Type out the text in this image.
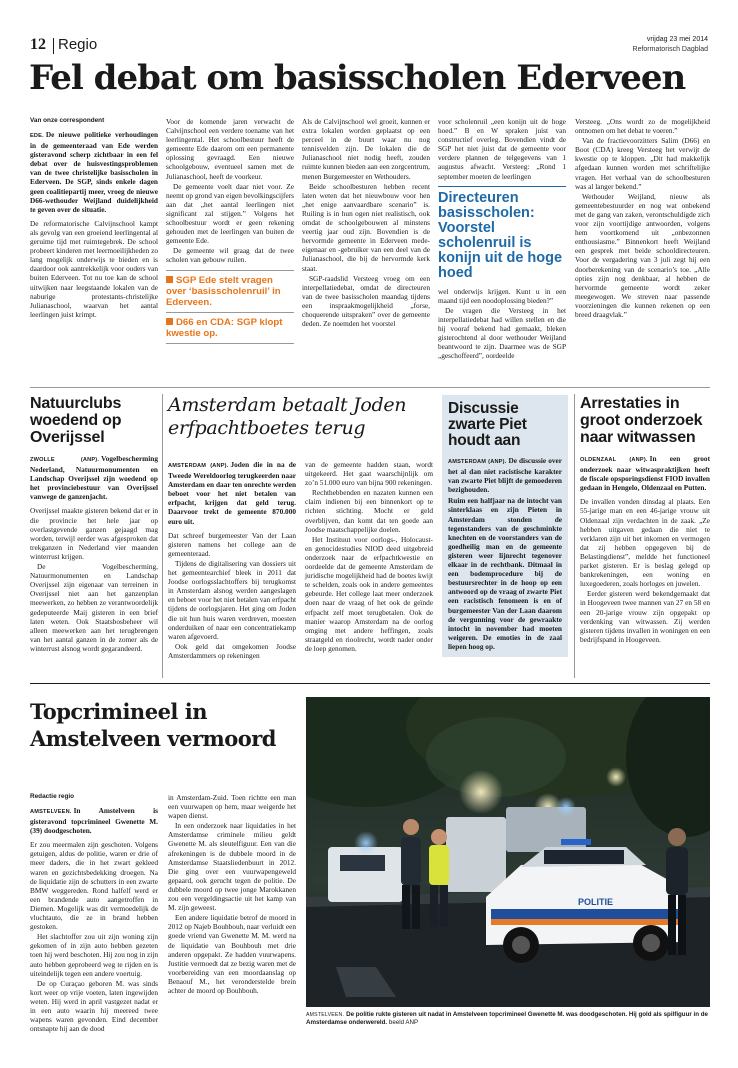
12 Regio	vrijdag 23 mei 2014
Reformatorisch Dagblad
Fel debat om basisscholen Ederveen
Van onze correspondent

EDE. De nieuwe politieke verhoudingen in de gemeenteraad van Ede werden gisteravond scherp zichtbaar in een fel debat over de huisvestingsproblemen van de twee christelijke basisscholen in Ederveen. De SGP, sinds enkele dagen geen coalitiepartij meer, vroeg de nieuwe D66-wethouder Weijland duidelijkheid te geven over de situatie.

De reformatorische Calvijnschool kampt als gevolg van een groeiend leerlingental al geruime tijd met ruimtegebrek. De school probeert kinderen met leermoeilijkheden zo lang mogelijk onderwijs te bieden en is daardoor ook aantrekkelijk voor ouders van buiten Ederveen. Tot nu toe kan de school uitwijken naar leegstaande lokalen van de naburige protestants-christelijke Julianaschool, waarvan het aantal leerlingen juist krimpt.

Voor de komende jaren verwacht de Calvijnschool een verdere toename van het leerlingental. Het schoolbestuur heeft de gemeente Ede daarom om een permanente oplossing gevraagd. Een nieuwe schoolgebouw, eventueel samen met de Julianaschool, heeft de voorkeur.

De gemeente voelt daar niet voor. Ze neemt op grond van eigen bevolkingscijfers aan dat „het aantal leerlingen niet significant zal stijgen.” Volgens het schoolbestuur wordt er geen rekening gehouden met de leerlingen van buiten de gemeente Ede.

De gemeente wil graag dat de twee scholen van gebouw ruilen.

SGP Ede stelt vragen over ‘basisscholenruil’ in Ederveen.
D66 en CDA: SGP klopt kwestie op.

Als de Calvijnschool wel groeit, kunnen er extra lokalen worden geplaatst op een perceel in de buurt waar nu nog tennisvelden zijn. De lokalen die de Julianaschool niet nodig heeft, zouden ruimte kunnen bieden aan een zorgcentrum, menen Burgemeester en Wethouders.

Beide schoolbesturen hebben recent laten weten dat het nieuwbouw voor hen „het enige aanvaardbare scenario” is. Ruiling is in hun ogen niet realistisch, ook omdat de schoolgebouwen al minstens veertig jaar oud zijn. Bovendien is de hervormde gemeente in Ederveen mede-eigenaar en -gebruiker van een deel van de Julianaschool, die bij de hervormde kerk staat.

SGP-raadslid Versteeg vroeg om een interpellatiedebat, omdat de directeuren van de twee basisscholen maandag tijdens een inspraakmogelijkheid „forse, choquerende uitspraken” over de gemeente deden. Ze noemden het voorstel

voor scholenruil „een konijn uit de hoge hoed.” B en W spraken juist van constructief overleg. Bovendien vindt de SGP het niet juist dat de gemeente voor verdere plannen de telgegevens van 1 augustus afwacht. Versteeg: „Rond 1 september moeten de leerlingen

Directeuren basisscholen: Voorstel scholenruil is konijn uit de hoge hoed

wel onderwijs krijgen. Kunt u in een maand tijd een noodoplossing bieden?”

De vragen die Versteeg in het interpellatiedebat had willen stellen en die hij vooraf bekend had gemaakt, bleken gisterochtend al door wethouder Weijland beantwoord te zijn. Daarmee was de SGP „geschoffeerd”, oordeelde

Versteeg. „Ons wordt zo de mogelijkheid ontnomen om het debat te voeren.”

Van de fractievoorzitters Salim (D66) en Boot (CDA) kreeg Versteeg het verwijt de kwestie op te kloppen. „Dit had makkelijk afgedaan kunnen worden met schriftelijke vragen. Het verhaal van de schoolbesturen was al langer bekend.”

Wethouder Weijland, nieuw als gemeentebestuurder en nog wat onbekend met de gang van zaken, verontschuldigde zich voor zijn voortijdige antwoorden, volgens hem voortkomend uit „onbezonnen enthousiasme.” Binnenkort heeft Weijland een gesprek met beide schooldirecteuren. Voor de vergadering van 3 juli zegt hij een doorberekening van de scenario’s toe. „Alle opties zijn nog denkbaar, al hebben de hervormde gemeente wordt zeker meegewogen. We streven naar passende voorzieningen die kunnen rekenen op een breed draagvlak.”

Natuurclubs woedend op Overijssel

ZWOLLE (ANP). Vogelbescherming Nederland, Natuurmonumenten en Landschap Overijssel zijn woedend op het provinciebestuur van Overijssel vanwege de ganzenjacht.

Overijssel maakte gisteren bekend dat er in die provincie het hele jaar op overlastgevende ganzen gejaagd mag worden, terwijl eerder was afgesproken dat trekganzen in Nederland vier maanden winterrust krijgen.

De Vogelbescherming, Natuurmonumenten en Landschap Overijssel zijn eigenaar van terreinen in Overijssel niet aan het ganzenplan meewerken, zo hebben ze verantwoordelijk gedeputeerde Maij gisteren in een brief laten weten. Ook Staatsbosbeheer wil alleen meewerken aan het terugbrengen van het aantal ganzen in de zomer als de winterrust alsnog wordt gegarandeerd.

Amsterdam betaalt Joden erfpachtboetes terug

AMSTERDAM (ANP). Joden die in na de Tweede Wereldoorlog terugkeerden naar Amsterdam en daar ten onrechte werden beboet voor het niet betalen van erfpacht, krijgen dat geld terug. Daarvoor trekt de gemeente 870.000 euro uit.

Dat schreef burgemeester Van der Laan gisteren namens het college aan de gemeenteraad.

Tijdens de digitalisering van dossiers uit het gemeentearchief bleek in 2011 dat Joodse oorlogsslachtoffers bij terugkomst in Amsterdam alsnog werden aangeslagen en beboet voor het niet betalen van erfpacht tijdens de oorlogsjaren. Het ging om Joden die uit hun huis waren verdreven, moesten onderduiken of naar een concentratiekamp waren afgevoerd.

Ook geld dat omgekomen Joodse Amsterdammers op rekeningen

van de gemeente hadden staan, wordt uitgekeerd. Het gaat waarschijnlijk om zo’n 51.000 euro van bijna 900 rekeningen.

Rechthebbenden en nazaten kunnen een claim indienen bij een binnenkort op te richten stichting. Mocht er geld overblijven, dan komt dat ten goede aan Joodse maatschappelijke doelen.

Het Instituut voor oorlogs-, Holocaust- en genocidestudies NIOD deed uitgebreid onderzoek naar de erfpachtkwestie en oordeelde dat de gemeente Amsterdam de juridische mogelijkheid had de boetes kwijt te schelden, zoals ook in andere gemeentes gebeurde. Het college laat meer onderzoek doen naar de vraag of het ook de geïnde erfpacht zelf moet terugbetalen. Ook de manier waarop Amsterdam na de oorlog omging met andere heffingen, zoals straatgeld en rioolrecht, wordt nader onder de loep genomen.

Discussie zwarte Piet houdt aan

AMSTERDAM (ANP). De discussie over het al dan niet racistische karakter van zwarte Piet blijft de gemoederen bezighouden.

Ruim een halfjaar na de intocht van sinterklaas en zijn Pieten in Amsterdam stonden de tegenstanders van de geschminkte knechten en de voorstanders van de goedheilig man en de gemeente gisteren weer lijnrecht tegenover elkaar in de rechtbank. Ditmaal in een bodemprocedure bij de bestuursrechter in de hoop op een antwoord op de vraag of zwarte Piet een racistisch fenomeen is en of burgemeester Van der Laan daarom de vergunning voor de gewraakte intocht in november had moeten weigeren. De emoties in de zaal liepen hoog op.

Arrestaties in groot onderzoek naar witwassen

OLDENZAAL (ANP). In een groot onderzoek naar witwaspraktijken heeft de fiscale opsporingsdienst FIOD invallen gedaan in Hengelo, Oldenzaal en Putten.

De invallen vonden dinsdag al plaats. Een 55-jarige man en een 46-jarige vrouw uit Oldenzaal zijn verdachten in de zaak. „Ze hebben uitgaven gedaan die niet te verklaren zijn uit het inkomen en vermogen dat zij hebben opgegeven bij de Belastingdienst”, meldde het functioneel parket gisteren. Er is beslag gelegd op bankrekeningen, een woning en luxegoederen, zoals horloges en juwelen.

Eerder gisteren werd bekendgemaakt dat in Hoogeveen twee mannen van 27 en 58 en een 20-jarige vrouw zijn opgepakt op verdenking van witwassen. Zij werden gisteren tijdens invallen in woningen en een bedrijfspand in Hoogeveen.

Topcrimineel in Amstelveen vermoord
Redactie regio

AMSTELVEEN. In Amstelveen is gisteravond topcrimineel Gwenette M. (39) doodgeschoten.

Er zou meermalen zijn geschoten. Volgens getuigen, aldus de politie, waren er drie of meer daders, die in het zwart gekleed waren en gezichtsbedekking droegen. Na de liquidatie zijn de schutters in een zwarte BMW weggereden. Rond halfelf werd er een brandende auto aangetroffen in Diemen. Mogelijk was dit vermoedelijk de vluchtauto, die ze in brand hebben gestoken.

Het slachtoffer zou uit zijn woning zijn gekomen of in zijn auto hebben gezeten toen hij werd beschoten. Hij zou nog in zijn auto hebben geprobeerd weg te rijden en is uiteindelijk tegen een andere voertuig.

De op Curaçao geboren M. was sinds kort weer op vrije voeten, laten ingewijden weten. Hij werd in april vastgezet nadat er in een auto waarin hij meereed twee wapens waren gevonden. Eind december ontsnapte hij aan de dood

in Amsterdam-Zuid. Toen richtte een man een vuurwapen op hem, maar weigerde het wapen dienst.

In een onderzoek naar liquidaties in het Amsterdamse criminele milieu geldt Gwenette M. als sleutelfiguur. Een van die afrekeningen is de dubbele moord in de Amsterdamse Staatsliedenbuurt in 2012. Die ging over een vuurwapengeweld gepaard, ook gerucht tegen de politie. De dubbele moord op twee jonge Marokkanen zou een vergeldingsactie uit het kamp van M. zijn geweest.

Een andere liquidatie betrof de moord in 2012 op Najeb Bouhbouh, naar verluidt een goede vriend van Gwenette M. M. werd na de liquidatie van Bouhbouh met drie anderen opgepakt. Ze hadden vuurwapens. Justitie vermoedt dat ze bezig waren met de voorbereiding van een moordaanslag op Benaouf M., het veronderstelde brein achter de moord op Bouhbouh.

POLITIE
AMSTELVEEN. De politie rukte gisteren uit nadat in Amstelveen topcrimineel Gwenette M. was doodgeschoten. Hij gold als spilfiguur in de Amsterdamse onderwereld. beeld ANP
